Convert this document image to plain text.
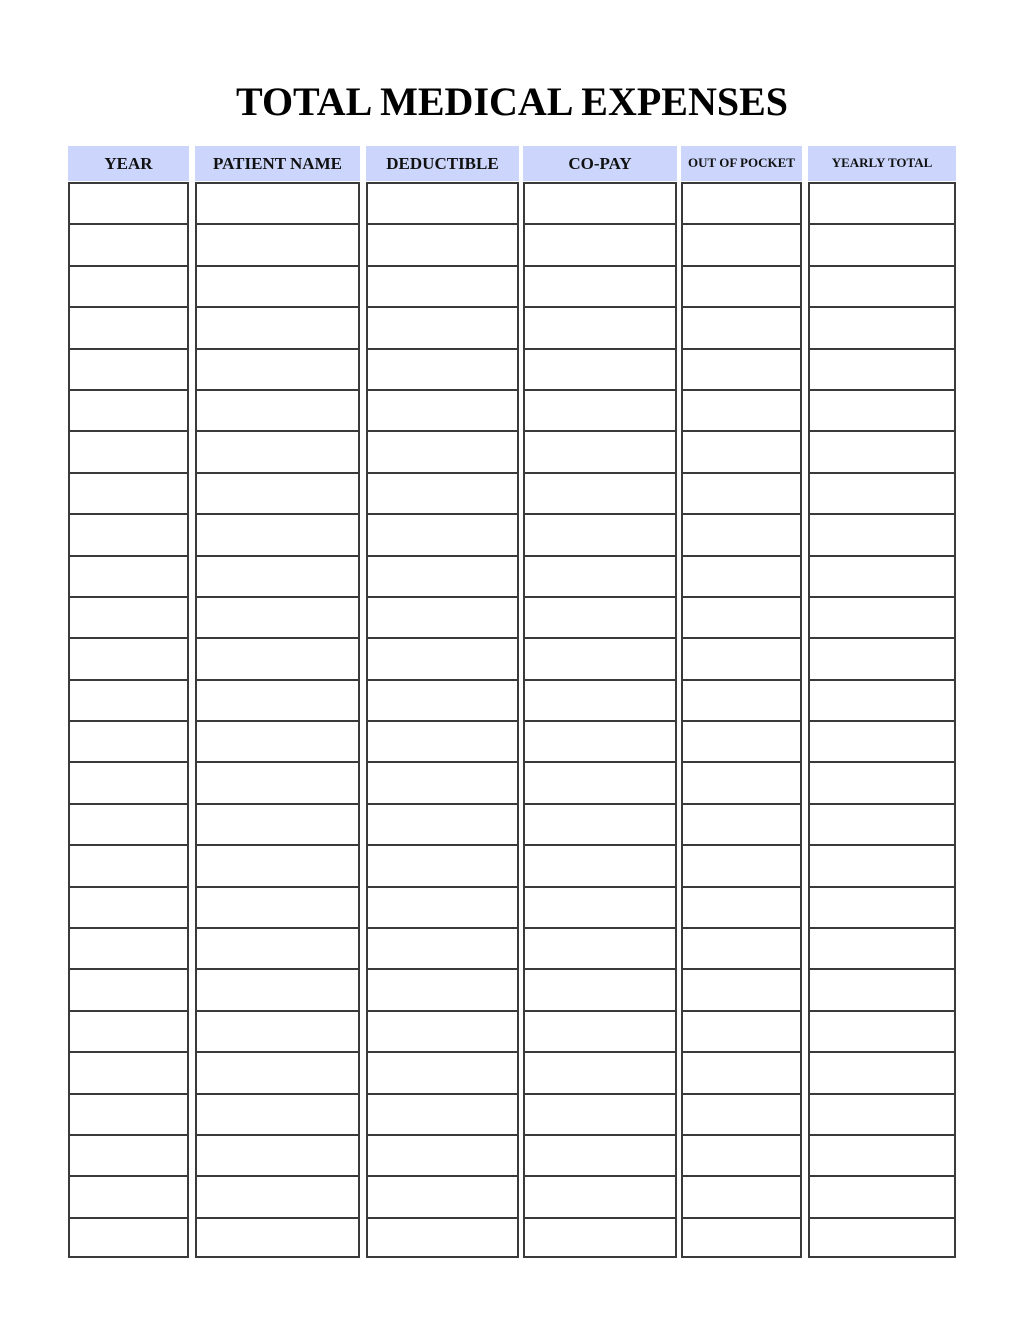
TOTAL MEDICAL EXPENSES
YEAR	PATIENT NAME	DEDUCTIBLE	CO-PAY	OUT OF POCKET	YEARLY TOTAL
